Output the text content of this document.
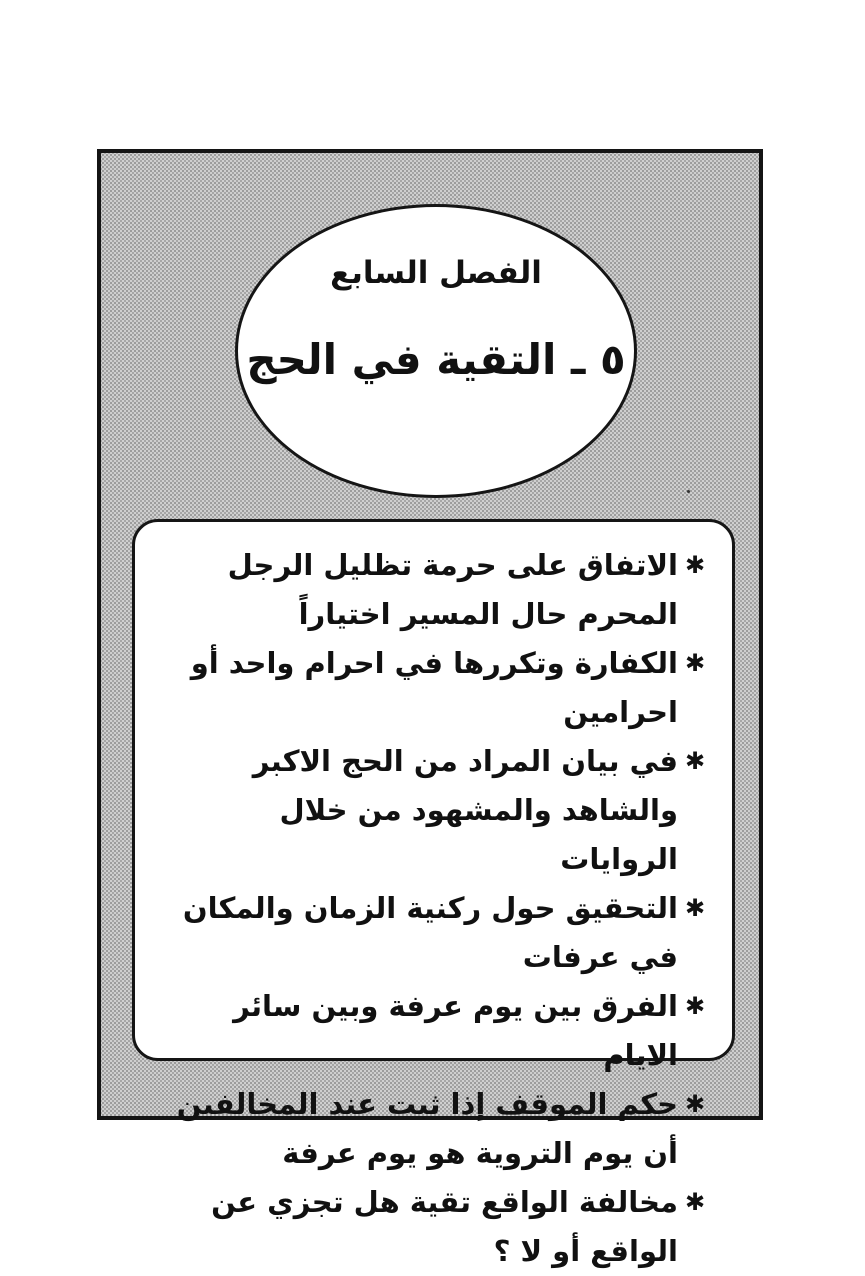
الفصل السابع
٥ ـ التقية في الحج
✱
الاتفاق على حرمة تظليل الرجل المحرم حال المسير اختياراً
✱
الكفارة وتكررها في احرام واحد أو احرامين
✱
في بيان المراد من الحج الاكبر والشاهد والمشهود من خلال الروايات
✱
التحقيق حول ركنية الزمان والمكان في عرفات
✱
الفرق بين يوم عرفة وبين سائر الايام
✱
حكم الموقف إذا ثبت عند المخالفين أن يوم التروية هو يوم عرفة
✱
مخالفة الواقع تقية هل تجزي عن الواقع أو لا ؟
